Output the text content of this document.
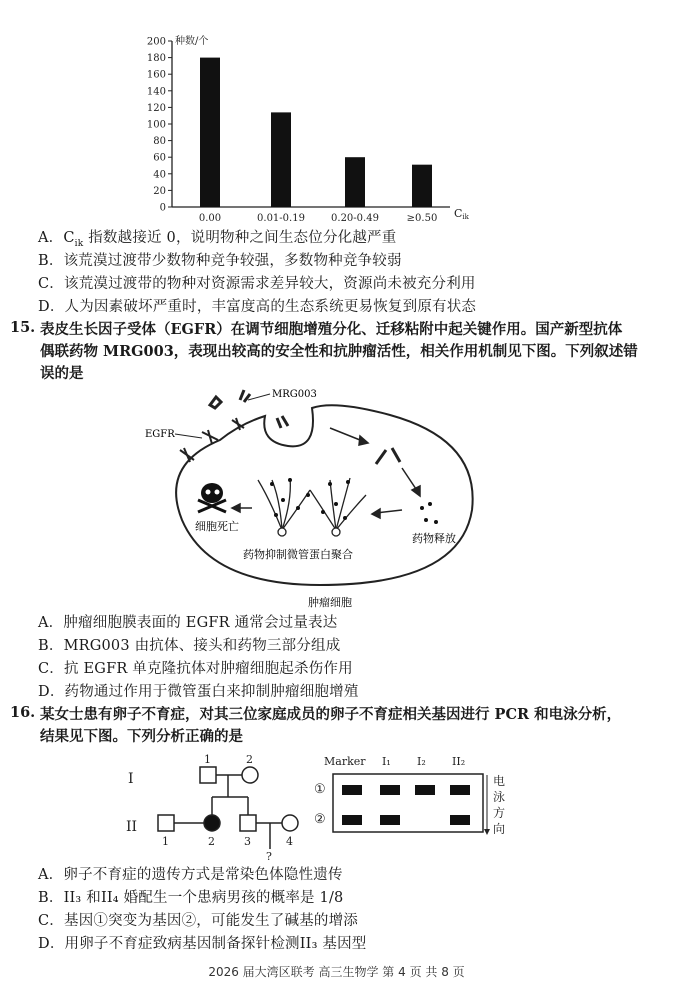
0
20
40
60
80
100
120
140
160
180
200 种数/个
0.00	0.01-0.19	0.20-0.49	≥0.50 Cik
A．$C_{ik}$ 指数越接近 0，说明物种之间生态位分化越严重
B．该荒漠过渡带少数物种竞争较强，多数物种竞争较弱
C．该荒漠过渡带的物种对资源需求差异较大，资源尚未被充分利用
D．人为因素破坏严重时，丰富度高的生态系统更易恢复到原有状态
15. 表皮生长因子受体（EGFR）在调节细胞增殖分化、迁移粘附中起关键作用。国产新型抗体
偶联药物 MRG003，表现出较高的安全性和抗肿瘤活性，相关作用机制见下图。下列叙述错
误的是
EGFR
MRG003
细胞死亡
药物抑制微管蛋白聚合
药物释放
肿瘤细胞
A．肿瘤细胞膜表面的 EGFR 通常会过量表达
B．MRG003 由抗体、接头和药物三部分组成
C．抗 EGFR 单克隆抗体对肿瘤细胞起杀伤作用
D．药物通过作用于微管蛋白来抑制肿瘤细胞增殖
16. 某女士患有卵子不育症，对其三位家庭成员的卵子不育症相关基因进行 PCR 和电泳分析，
结果见下图。下列分析正确的是
I
II
1	2
1	2	3	4
?
Marker I₁ I₂ II₂
①
②
电
泳
方
向
A．卵子不育症的遗传方式是常染色体隐性遗传
B．II₃ 和II₄ 婚配生一个患病男孩的概率是 1/8
C．基因①突变为基因②，可能发生了碱基的增添
D．用卵子不育症致病基因制备探针检测II₃ 基因型
2026 届大湾区联考 高三生物学 第 4 页 共 8 页
